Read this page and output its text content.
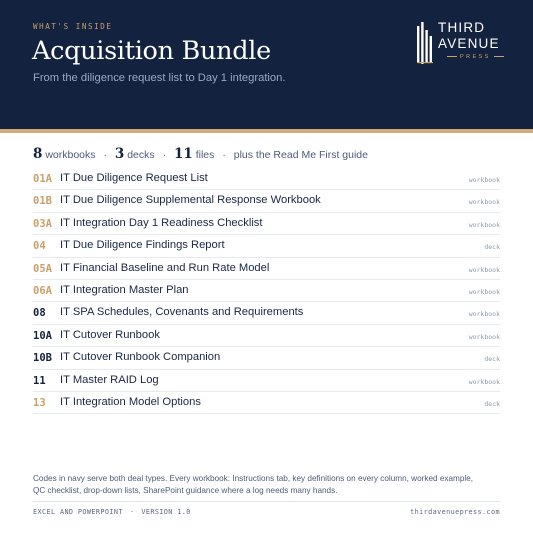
WHAT'S INSIDE
Acquisition Bundle
From the diligence request list to Day 1 integration.
THIRD
AVENUE
PRESS
8 workbooks · 3 decks · 11 files · plus the Read Me First guide
01A IT Due Diligence Request List	workbook
01B IT Due Diligence Supplemental Response Workbook	workbook
03A IT Integration Day 1 Readiness Checklist	workbook
04 IT Due Diligence Findings Report	deck
05A IT Financial Baseline and Run Rate Model	workbook
06A IT Integration Master Plan	workbook
08 IT SPA Schedules, Covenants and Requirements	workbook
10A IT Cutover Runbook	workbook
10B IT Cutover Runbook Companion	deck
11 IT Master RAID Log	workbook
13 IT Integration Model Options	deck
Codes in navy serve both deal types. Every workbook: Instructions tab, key definitions on every column, worked example, QC checklist, drop-down lists, SharePoint guidance where a log needs many hands.
EXCEL AND POWERPOINT · VERSION 1.0	thirdavenuepress.com
